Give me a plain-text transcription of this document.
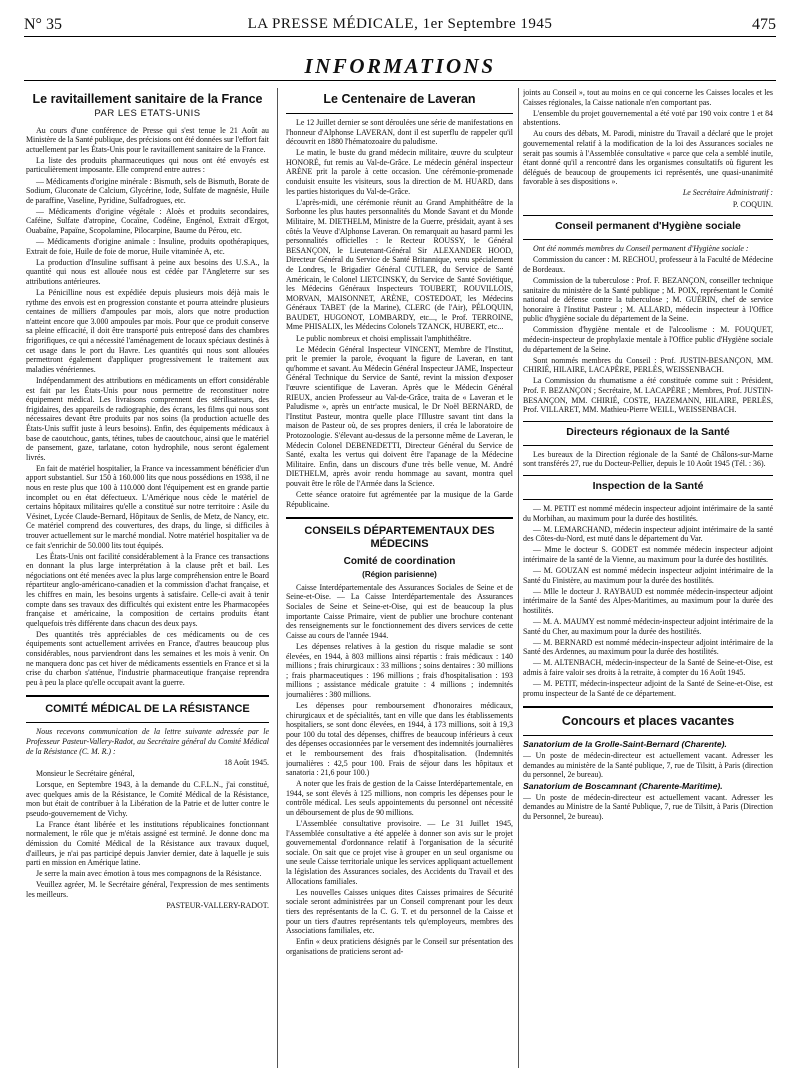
N° 35	LA PRESSE MÉDICALE, 1er Septembre 1945	475
INFORMATIONS
Le ravitaillement sanitaire de la France
PAR LES ETATS-UNIS

Au cours d'une conférence de Presse qui s'est tenue le 21 Août au Ministère de la Santé publique, des précisions ont été données sur l'effort fait actuellement par les États-Unis pour le ravitaillement sanitaire de la France.

La liste des produits pharmaceutiques qui nous ont été envoyés est particulièrement imposante. Elle comprend entre autres :

— Médicaments d'origine minérale : Bismuth, sels de Bismuth, Borate de Sodium, Gluconate de Calcium, Glycérine, Iode, Sulfate de magnésie, Huile de paraffine, Vaseline, Pyridine, Sulfadrogues, etc.

— Médicaments d'origine végétale : Aloès et produits secondaires, Caféine, Sulfate d'atropine, Cocaïne, Codéine, Engénol, Extrait d'Ergot, Ouabaïne, Papaïne, Scopolamine, Pilocarpine, Baume du Pérou, etc.

— Médicaments d'origine animale : Insuline, produits opothérapiques, Extrait de foie, Huile de foie de morue, Huile vitaminée A, etc.

La production d'Insuline suffisant à peine aux besoins des U.S.A., la quantité qui nous est allouée nous est cédée par l'Angleterre sur ses attributions antérieures.

La Pénicilline nous est expédiée depuis plusieurs mois déjà mais le rythme des envois est en progression constante et pourra atteindre plusieurs centaines de milliers d'ampoules par mois, alors que notre production n'atteint encore que 3.000 ampoules par mois. Pour que ce produit conserve sa pleine efficacité, il doit être transporté puis entreposé dans des chambres frigorifiques, ce qui a nécessité l'aménagement de locaux spéciaux destinés à cet usage dans le port du Havre. Les quantités qui nous sont allouées permettront également d'appliquer progressivement le traitement aux maladies vénériennes.

Indépendamment des attributions en médicaments un effort considérable est fait par les États-Unis pour nous permettre de reconstituer notre équipement médical. Les livraisons comprennent des stérilisateurs, des frigidaires, des appareils de radiographie, des écrans, les films qui nous sont nécessaires devant être produits par nos soins (la production actuelle des États-Unis suffit juste à leurs besoins). Enfin, des équipements médicaux à base de caoutchouc, gants, tétines, tubes de caoutchouc, ainsi que le matériel de pansement, gaze, tarlatane, coton hydrophile, nous seront également livrés.

En fait de matériel hospitalier, la France va incessamment bénéficier d'un apport substantiel. Sur 150 à 160.000 lits que nous possédions en 1938, il ne nous en reste plus que 100 à 110.000 dont l'équipement est en grande partie incomplet ou en état défectueux. L'Amérique nous cède le matériel de certains hôpitaux militaires qu'elle a constitué sur notre territoire : Asile du Vésinet, Lycée Claude-Bernard, Hôpitaux de Senlis, de Metz, de Nancy, etc. Ce matériel comprend des couvertures, des draps, du linge, si difficiles à trouver actuellement sur le marché mondial. Notre matériel hospitalier va de ce fait s'enrichir de 50.000 lits tout équipés.

Les États-Unis ont facilité considérablement à la France ces transactions en donnant la plus large interprétation à la clause prêt et bail. Les négociations ont été menées avec la plus large compréhension entre le Board répartiteur anglo-américano-canadien et la commission d'achat française, et les chiffres en main, les besoins urgents à satisfaire. Celle-ci avait à tenir compte dans ses travaux des difficultés qui existent entre les Pharmacopées française et américaine, la composition de certains produits étant quelquefois très différente dans chacun des deux pays.

Des quantités très appréciables de ces médicaments ou de ces équipements sont actuellement arrivées en France, d'autres beaucoup plus considérables, nous parviendront dans les semaines et les mois à venir. On ne manquera donc pas cet hiver de médicaments essentiels en France et si la crise du charbon s'atténue, l'industrie pharmaceutique française reprendra peu à peu la place qu'elle occupait avant la guerre.

COMITÉ MÉDICAL DE LA RÉSISTANCE

Nous recevons communication de la lettre suivante adressée par le Professeur Pasteur-Vallery-Radot, au Secrétaire général du Comité Médical de la Résistance (C. M. R.) :

18 Août 1945.

Monsieur le Secrétaire général,

Lorsque, en Septembre 1943, à la demande du C.F.L.N., j'ai constitué, avec quelques amis de la Résistance, le Comité Médical de la Résistance, mon but était de contribuer à la Libération de la Patrie et de lutter contre le pseudo-gouvernement de Vichy.

La France étant libérée et les institutions républicaines fonctionnant normalement, le rôle que je m'étais assigné est terminé. Je donne donc ma démission du Comité Médical de la Résistance aux travaux duquel, d'ailleurs, je n'ai pas participé depuis Janvier dernier, date à laquelle je suis parti en mission en Amérique latine.

Je serre la main avec émotion à tous mes compagnons de la Résistance.

Veuillez agréer, M. le Secrétaire général, l'expression de mes sentiments les meilleurs.

PASTEUR-VALLERY-RADOT.

Le Centenaire de Laveran

Le 12 Juillet dernier se sont déroulées une série de manifestations en l'honneur d'Alphonse LAVERAN, dont il est superflu de rappeler qu'il découvrit en 1880 l'hématozoaire du paludisme.

Le matin, le buste du grand médecin militaire, œuvre du sculpteur HONORÉ, fut remis au Val-de-Grâce. Le médecin général inspecteur ARÈNE prit la parole à cette occasion. Une cérémonie-promenade conduisit ensuite les visiteurs, sous la direction de M. HUARD, dans les parties historiques du Val-de-Grâce.

L'après-midi, une cérémonie réunit au Grand Amphithéâtre de la Sorbonne les plus hautes personnalités du Monde Savant et du Monde Militaire, M. DIETHELM, Ministre de la Guerre, présidait, ayant à ses côtés la Veuve d'Alphonse Laveran. On remarquait au hasard parmi les personnalités officielles : le Recteur ROUSSY, le Général BESANÇON, le Lieutenant-Général Sir ALEXANDER HOOD, Directeur Général du Service de Santé Britannique, venu spécialement de Londres, le Brigadier Général CUTLER, du Service de Santé Américain, le Colonel LIETCINSKY, du Service de Santé Soviétique, les Médecins Généraux Inspecteurs TOUBERT, ROUVILLOIS, MORVAN, MAISONNET, ARÈNE, COSTEDOAT, les Médecins Généraux TABET (de la Marine), CLERC (de l'Air), PÉLOQUIN, BAUDET, HUGONOT, LOMBARDY, etc..., le Prof. TERROINE, Mme PHISALIX, les Médecins Colonels TZANCK, HUBERT, etc...

Le public nombreux et choisi emplissait l'amphithéâtre.

Le Médecin Général Inspecteur VINCENT, Membre de l'Institut, prit le premier la parole, évoquant la figure de Laveran, en tant qu'homme et savant. Au Médecin Général Inspecteur JAME, Inspecteur Général Technique du Service de Santé, revint la mission d'exposer l'œuvre scientifique de Laveran. Après que le Médecin Général RIEUX, ancien Professeur au Val-de-Grâce, traita de « Laveran et le Paludisme », après un entr'acte musical, le Dr Noël BERNARD, de l'Institut Pasteur, montra quelle place l'Illustre savant tint dans la maison de Pasteur où, de ses propres deniers, il créa le laboratoire de Protozoologie. S'élevant au-dessus de la personne même de Laveran, le Médecin Colonel DEBENEDETTI, Directeur Général du Service de Santé, exalta les vertus qui doivent être l'apanage de la Médecine Militaire. Enfin, dans un discours d'une très belle venue, M. André DIETHELM, après avoir rendu hommage au savant, montra quel pouvait être le rôle de l'Armée dans la Science.

Cette séance oratoire fut agrémentée par la musique de la Garde Républicaine.

CONSEILS DÉPARTEMENTAUX DES MÉDECINS
Comité de coordination
(Région parisienne)

Caisse Interdépartementale des Assurances Sociales de Seine et de Seine-et-Oise. — La Caisse Interdépartementale des Assurances Sociales de Seine et Seine-et-Oise, qui est de beaucoup la plus importante Caisse Primaire, vient de publier une brochure contenant des renseignements sur le fonctionnement des divers services de cette Caisse au cours de l'année 1944.

Les dépenses relatives à la gestion du risque maladie se sont élevées, en 1944, à 803 millions ainsi répartis : frais médicaux : 140 millions ; frais chirurgicaux : 33 millions ; soins dentaires : 30 millions ; frais pharmaceutiques : 196 millions ; frais d'hospitalisation : 193 millions ; assistance médicale gratuite : 4 millions ; indemnités journalières : 380 millions.

Les dépenses pour remboursement d'honoraires médicaux, chirurgicaux et de spécialités, tant en ville que dans les établissements hospitaliers, se sont donc élevées, en 1944, à 173 millions, soit à 19,3 pour 100 du total des dépenses, chiffres de beaucoup inférieurs à ceux des dépenses occasionnées par le versement des indemnités journalières et le remboursement des frais d'hospitalisation. (Indemnités journalières : 42,5 pour 100. Frais de séjour dans les hôpitaux et sanatoria : 21,6 pour 100.)

A noter que les frais de gestion de la Caisse Interdépartementale, en 1944, se sont élevés à 125 millions, non compris les dépenses pour le contrôle médical. Les seuls appointements du personnel ont nécessité un déboursement de plus de 90 millions.

L'Assemblée consultative provisoire. — Le 31 Juillet 1945, l'Assemblée consultative a été appelée à donner son avis sur le projet gouvernemental d'ordonnance relatif à l'organisation de la sécurité sociale. On sait que ce projet vise à grouper en un seul organisme ou une seule Caisse territoriale unique les services appliquant actuellement la législation des Assurances sociales, des Accidents du Travail et des Allocations familiales.

Les nouvelles Caisses uniques dites Caisses primaires de Sécurité sociale seront administrées par un Conseil comprenant pour les deux tiers des représentants de la C. G. T. et du personnel de la Caisse et pour un tiers d'autres représentants tels qu'employeurs, membres des Associations familiales, etc.

Enfin « deux praticiens désignés par le Conseil sur présentation des organisations de praticiens seront ad-

joints au Conseil », tout au moins en ce qui concerne les Caisses locales et les Caisses régionales, la Caisse nationale n'en comportant pas.

L'ensemble du projet gouvernemental a été voté par 190 voix contre 1 et 84 abstentions.

Au cours des débats, M. Parodi, ministre du Travail a déclaré que le projet gouvernemental relatif à la modification de la loi des Assurances sociales ne serait pas soumis à l'Assemblée consultative « parce que cela a semblé inutile, étant donné qu'il a rencontré dans les organismes consultatifs où figurent les délégués de beaucoup de groupements ici représentés, une quasi-unanimité favorable à ses dispositions ».

Le Secrétaire Administratif :

P. COQUIN.

Conseil permanent d'Hygiène sociale

Ont été nommés membres du Conseil permanent d'Hygiène sociale :

Commission du cancer : M. RECHOU, professeur à la Faculté de Médecine de Bordeaux.

Commission de la tuberculose : Prof. F. BEZANÇON, conseiller technique sanitaire du ministère de la Santé publique ; M. POIX, représentant le Comité national de défense contre la tuberculose ; M. GUÉRIN, chef de service honoraire à l'Institut Pasteur ; M. ALLARD, médecin inspecteur à l'Office public d'hygiène sociale du département de la Seine.

Commission d'hygiène mentale et de l'alcoolisme : M. FOUQUET, médecin-inspecteur de prophylaxie mentale à l'Office public d'Hygiène sociale du département de la Seine.

Sont nommés membres du Conseil : Prof. JUSTIN-BESANÇON, MM. CHIRIÉ, HILAIRE, LACAPÈRE, PERLÈS, WEISSENBACH.

La Commission du rhumatisme a été constituée comme suit : Président, Prof. F. BEZANÇON ; Secrétaire, M. LACAPÈRE ; Membres, Prof. JUSTIN-BESANÇON, MM. CHIRIÉ, COSTE, HAZEMANN, HILAIRE, PERLÈS, Prof. VILLARET, MM. Mathieu-Pierre WEILL, WEISSENBACH.

Directeurs régionaux de la Santé

Les bureaux de la Direction régionale de la Santé de Châlons-sur-Marne sont transférés 27, rue du Docteur-Pellier, depuis le 10 Août 1945 (Tél. : 36).

Inspection de la Santé

— M. PETIT est nommé médecin inspecteur adjoint intérimaire de la santé du Morbihan, au maximum pour la durée des hostilités.

— M. LEMARCHAND, médecin inspecteur adjoint intérimaire de la santé des Côtes-du-Nord, est muté dans le département du Var.

— Mme le docteur S. GODET est nommée médecin inspecteur adjoint intérimaire de la santé de la Vienne, au maximum pour la durée des hostilités.

— M. GOUZAN est nommé médecin inspecteur adjoint intérimaire de la Santé du Finistère, au maximum pour la durée des hostilités.

— Mlle le docteur J. RAYBAUD est nommée médecin-inspecteur adjoint intérimaire de la Santé des Alpes-Maritimes, au maximum pour la durée des hostilités.

— M. A. MAUMY est nommé médecin-inspecteur adjoint intérimaire de la Santé du Cher, au maximum pour la durée des hostilités.

— M. BERNARD est nommé médecin-inspecteur adjoint intérimaire de la Santé des Ardennes, au maximum pour la durée des hostilités.

— M. ALTENBACH, médecin-inspecteur de la Santé de Seine-et-Oise, est admis à faire valoir ses droits à la retraite, à compter du 16 Août 1945.

— M. PETIT, médecin-inspecteur adjoint de la Santé de Seine-et-Oise, est promu inspecteur de la Santé de ce département.

Concours et places vacantes

Sanatorium de la Grolle-Saint-Bernard (Charente).

— Un poste de médecin-directeur est actuellement vacant. Adresser les demandes au ministère de la Santé publique, 7, rue de Tilsitt, à Paris (direction du personnel, 2e bureau).

Sanatorium de Boscamnant (Charente-Maritime).

— Un poste de médecin-directeur est actuellement vacant. Adresser les demandes au Ministre de la Santé Publique, 7, rue de Tilsitt, à Paris (Direction du Personnel, 2e bureau).
